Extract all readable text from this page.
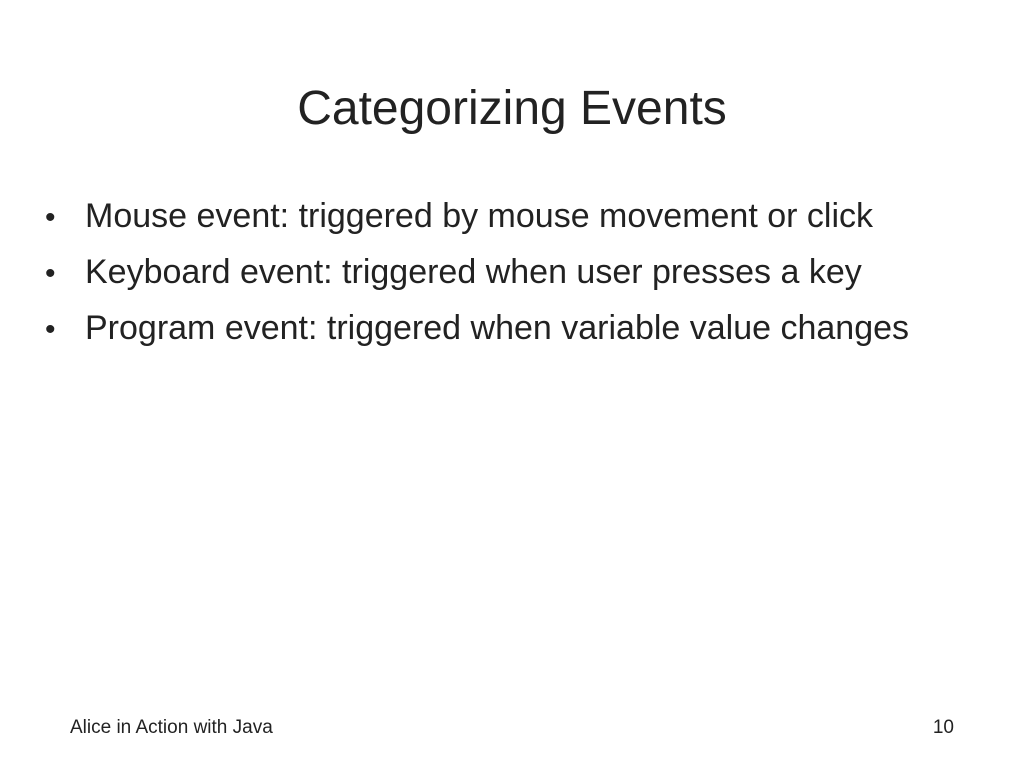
Categorizing Events
• Mouse event: triggered by mouse movement or click
• Keyboard event: triggered when user presses a key
• Program event: triggered when variable value changes
Alice in Action with Java	10
